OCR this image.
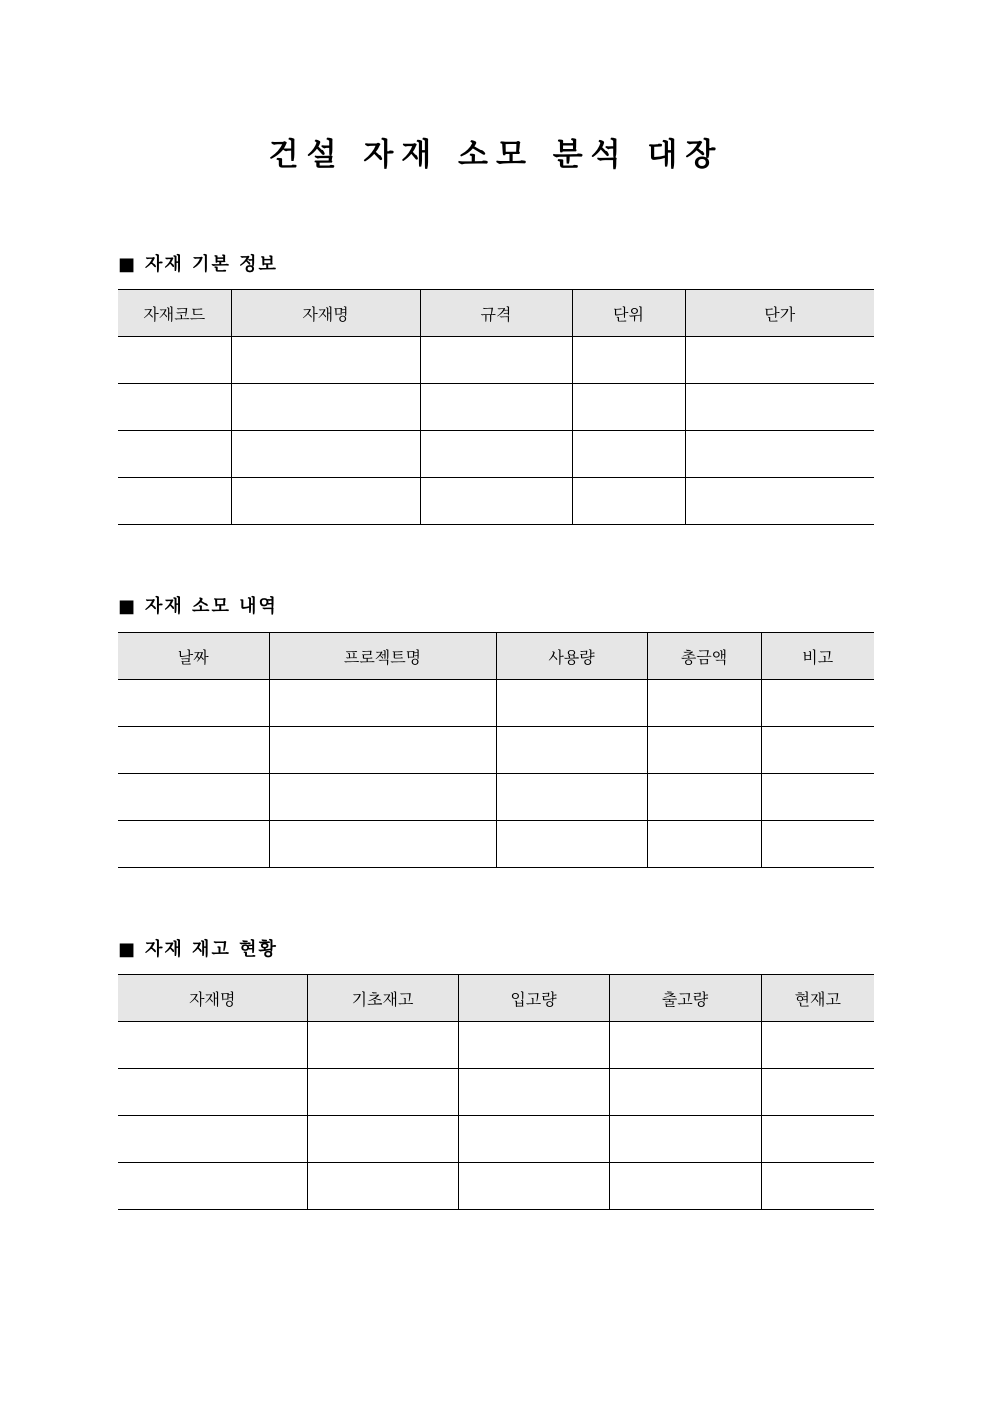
건설 자재 소모 분석 대장
■ 자재 기본 정보
자재코드	자재명	규격	단위	단가

■ 자재 소모 내역
날짜	프로젝트명	사용량	총금액	비고

■ 자재 재고 현황
자재명	기초재고	입고량	출고량	현재고
